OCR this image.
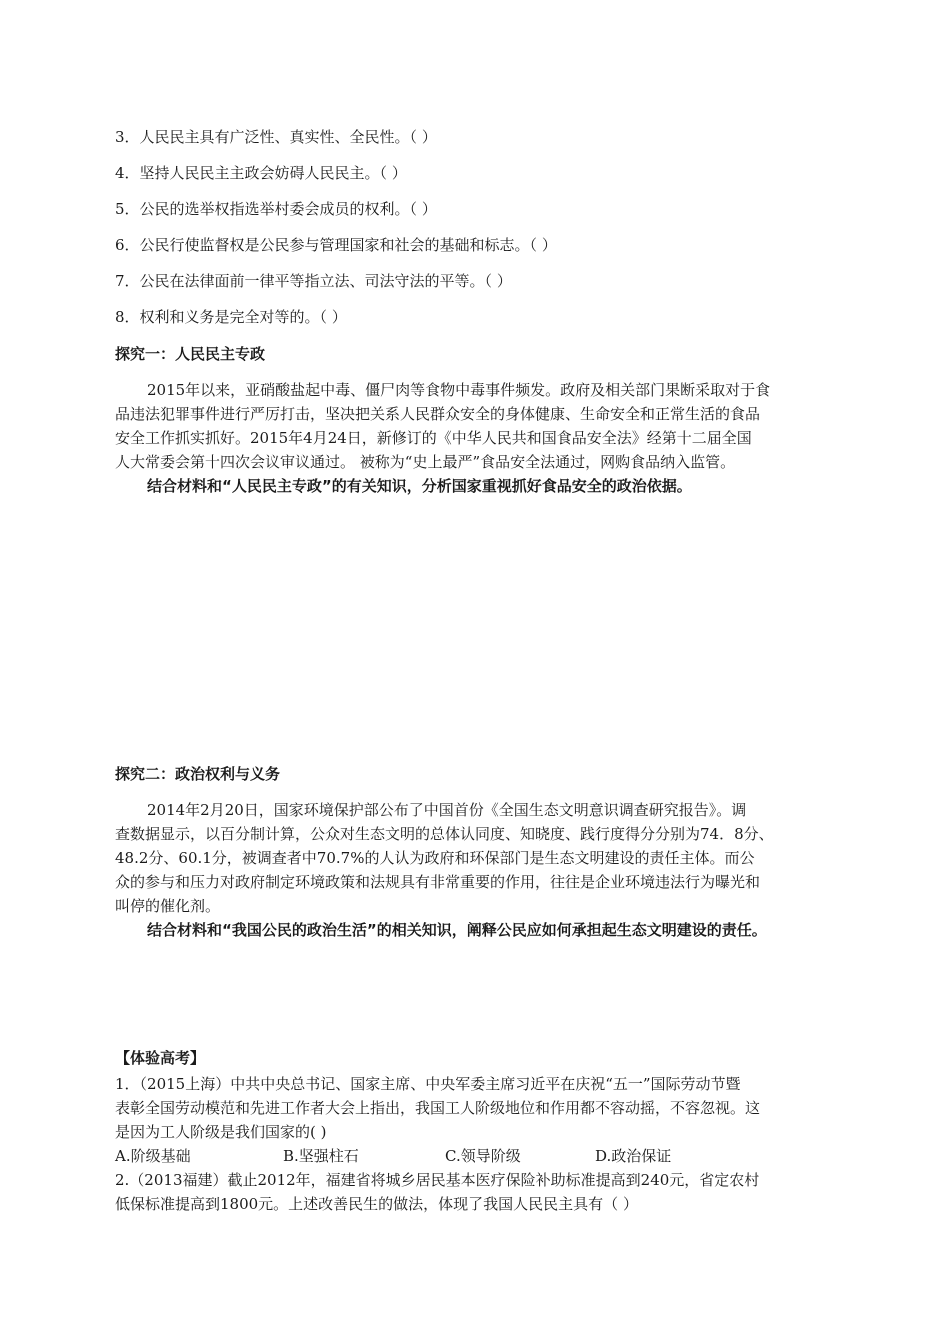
3．人民民主具有广泛性、真实性、全民性。（ ）
4．坚持人民民主主政会妨碍人民民主。（ ）
5．公民的选举权指选举村委会成员的权利。（ ）
6．公民行使监督权是公民参与管理国家和社会的基础和标志。（ ）
7．公民在法律面前一律平等指立法、司法守法的平等。（ ）
8．权利和义务是完全对等的。（ ）
探究一：人民民主专政
2015年以来，亚硝酸盐起中毒、僵尸肉等食物中毒事件频发。政府及相关部门果断采取对于食
品违法犯罪事件进行严厉打击，坚决把关系人民群众安全的身体健康、生命安全和正常生活的食品
安全工作抓实抓好。2015年4月24日，新修订的《中华人民共和国食品安全法》经第十二届全国
人大常委会第十四次会议审议通过。 被称为“史上最严”食品安全法通过，网购食品纳入监管。
结合材料和“人民民主专政”的有关知识，分析国家重视抓好食品安全的政治依据。
探究二：政治权利与义务
2014年2月20日，国家环境保护部公布了中国首份《全国生态文明意识调查研究报告》。调
查数据显示，以百分制计算，公众对生态文明的总体认同度、知晓度、践行度得分分别为74．8分、
48.2分、60.1分，被调查者中70.7%的人认为政府和环保部门是生态文明建设的责任主体。而公
众的参与和压力对政府制定环境政策和法规具有非常重要的作用，往往是企业环境违法行为曝光和
叫停的催化剂。
结合材料和“我国公民的政治生活”的相关知识，阐释公民应如何承担起生态文明建设的责任。
【体验高考】
1．（2015上海）中共中央总书记、国家主席、中央军委主席习近平在庆祝“五一”国际劳动节暨
表彰全国劳动模范和先进工作者大会上指出，我国工人阶级地位和作用都不容动摇，不容忽视。这
是因为工人阶级是我们国家的( )
A.阶级基础	B.坚强柱石	C.领导阶级	D.政治保证
2.（2013福建）截止2012年，福建省将城乡居民基本医疗保险补助标准提高到240元，省定农村
低保标准提高到1800元。上述改善民生的做法，体现了我国人民民主具有（ ）
